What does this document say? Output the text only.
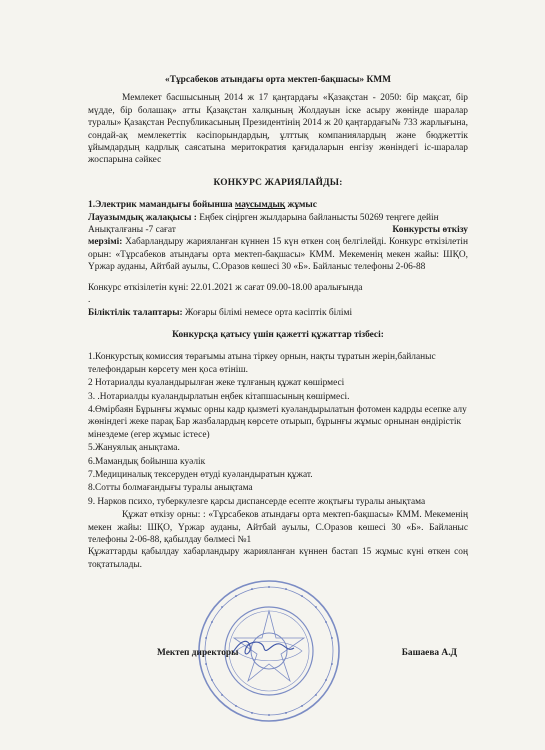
«Тұрсабеков атындағы орта мектеп-бақшасы» КММ

Мемлекет басшысының 2014 ж 17 қаңтардағы «Қазақстан - 2050: бір мақсат, бір мүдде, бір болашақ» атты Қазақстан халқының Жолдауын іске асыру жөнінде шаралар туралы» Қазақстан Республикасының Президентінің 2014 ж 20 қаңтардағы№ 733 жарлығына, сондай-ақ мемлекеттік кәсіпорындардың, ұлттық компаниялардың және бюджеттік ұйымдардың кадрлық саясатына меритократия қағидаларын енгізу жөніндегі іс-шаралар жоспарына сәйкес

КОНКУРС ЖАРИЯЛАЙДЫ:

1.Электрик мамандығы бойынша маусымдық жұмыс

Лауазымдық жалақысы : Еңбек сіңірген жылдарына байланысты 50269 теңгеге дейін

Анықталғаны -7 сағат	Конкурсты өткізу

мерзімі: Хабарландыру жарияланған күннен 15 күн өткен соң белгілейді. Конкурс өткізілетін орын: «Тұрсабеков атындағы орта мектеп-бақшасы» КММ. Мекеменің мекен жайы: ШҚО, Үржар ауданы, Айтбай ауылы, С.Оразов көшесі 30 «Б». Байланыс телефоны 2-06-88

Конкурс өткізілетін күні: 22.01.2021 ж сағат 09.00-18.00 аралығында

.

Біліктілік талаптары: Жоғары білімі немесе орта кәсіптік білімі

Конкурсқа қатысу үшін қажетті құжаттар тізбесі:

1.Конкурстық комиссия төрағымы атына тіркеу орнын, нақты тұратын жерін,байланыс телефондарын көрсету мен қоса өтініш.

2 Нотариалды куаландырылған жеке тұлғаның құжат көшірмесі

3. .Нотариалды куәландырлатын еңбек кітапшасының көшірмесі.

4.Өмірбаян Бұрынғы жұмыс орны кадр қызметі куәландырылатын фотомен кадрды есепке алу жөніндегі жеке парақ Бар жазбалардың көрсете отырып, бұрынғы жұмыс орнынан өндірістік мінездеме (егер жұмыс істесе)

5.Жануялық анықтама.

6.Мамандық бойынша куәлік

7.Медициналық тексеруден өтуді куәландыратын құжат.

8.Сотты болмағандығы туралы анықтама

9. Нарков псиxо, туберкулезге қарсы диспансерде есепте жоқтығы туралы анықтама

Құжат өткізу орны: : «Тұрсабеков атындағы орта мектеп-бақшасы» КММ. Мекеменің мекен жайы: ШҚО, Үржар ауданы, Айтбай ауылы, С.Оразов көшесі 30 «Б». Байланыс телефоны 2-06-88, қабылдау бөлмесі №1

Құжаттарды қабылдау хабарландыру жарияланған күннен бастап 15 жұмыс күні өткен соң тоқтатылады.

Мектеп директоры	Башаева А.Д
